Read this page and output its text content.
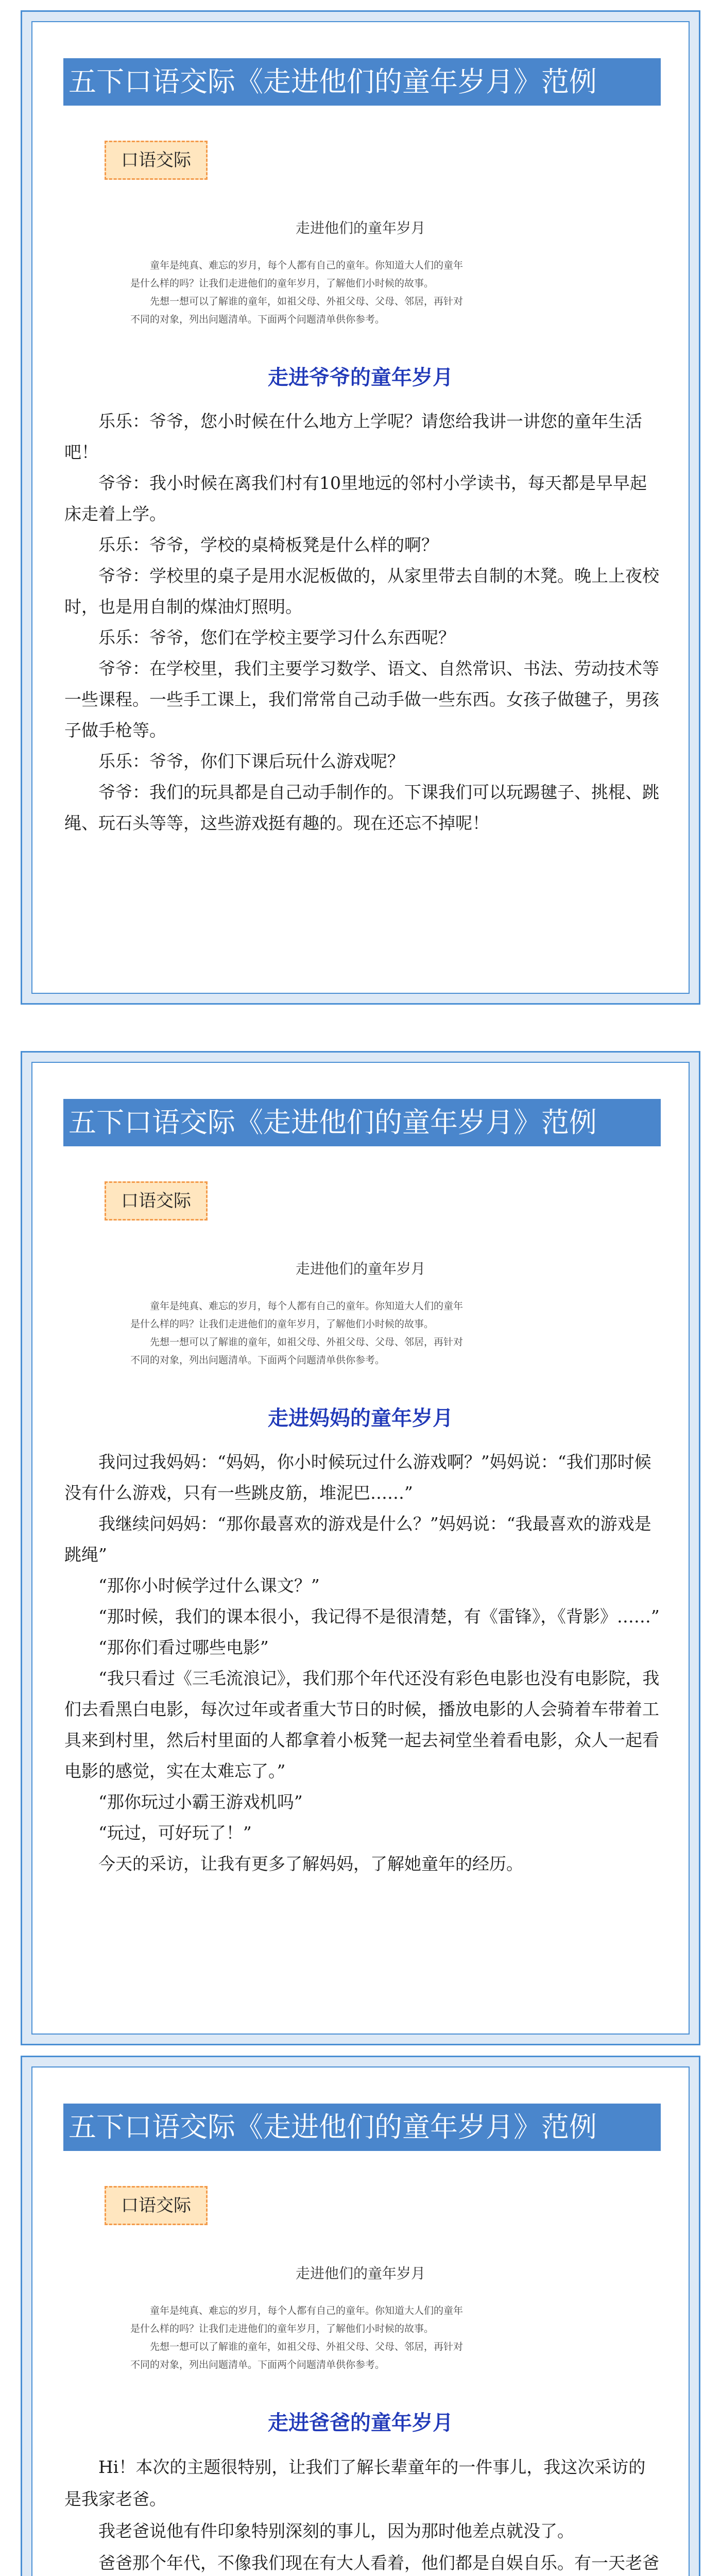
五下口语交际《走进他们的童年岁月》范例
口语交际
走进他们的童年岁月

童年是纯真、难忘的岁月，每个人都有自己的童年。你知道大人们的童年

是什么样的吗？让我们走进他们的童年岁月，了解他们小时候的故事。

先想一想可以了解谁的童年，如祖父母、外祖父母、父母、邻居，再针对

不同的对象，列出问题清单。下面两个问题清单供你参考。

走进爷爷的童年岁月

乐乐：爷爷，您小时候在什么地方上学呢？请您给我讲一讲您的童年生活吧！

爷爷：我小时候在离我们村有10里地远的邻村小学读书，每天都是早早起床走着上学。

乐乐：爷爷，学校的桌椅板凳是什么样的啊？

爷爷：学校里的桌子是用水泥板做的，从家里带去自制的木凳。晚上上夜校时，也是用自制的煤油灯照明。

乐乐：爷爷，您们在学校主要学习什么东西呢？

爷爷：在学校里，我们主要学习数学、语文、自然常识、书法、劳动技术等一些课程。一些手工课上，我们常常自己动手做一些东西。女孩子做毽子，男孩子做手枪等。

乐乐：爷爷，你们下课后玩什么游戏呢？

爷爷：我们的玩具都是自己动手制作的。下课我们可以玩踢毽子、挑棍、跳绳、玩石头等等，这些游戏挺有趣的。现在还忘不掉呢！

五下口语交际《走进他们的童年岁月》范例
口语交际
走进他们的童年岁月

童年是纯真、难忘的岁月，每个人都有自己的童年。你知道大人们的童年

是什么样的吗？让我们走进他们的童年岁月，了解他们小时候的故事。

先想一想可以了解谁的童年，如祖父母、外祖父母、父母、邻居，再针对

不同的对象，列出问题清单。下面两个问题清单供你参考。

走进妈妈的童年岁月

我问过我妈妈：“妈妈，你小时候玩过什么游戏啊？”妈妈说：“我们那时候没有什么游戏，只有一些跳皮筋，堆泥巴……”

我继续问妈妈：“那你最喜欢的游戏是什么？”妈妈说：“我最喜欢的游戏是跳绳”

“那你小时候学过什么课文？”

“那时候，我们的课本很小，我记得不是很清楚，有《雷锋》，《背影》……”

“那你们看过哪些电影”

“我只看过《三毛流浪记》，我们那个年代还没有彩色电影也没有电影院，我们去看黑白电影，每次过年或者重大节日的时候，播放电影的人会骑着车带着工具来到村里，然后村里面的人都拿着小板凳一起去祠堂坐着看电影，众人一起看电影的感觉，实在太难忘了。”

“那你玩过小霸王游戏机吗”

“玩过，可好玩了！”

今天的采访，让我有更多了解妈妈，了解她童年的经历。

五下口语交际《走进他们的童年岁月》范例
口语交际
走进他们的童年岁月

童年是纯真、难忘的岁月，每个人都有自己的童年。你知道大人们的童年

是什么样的吗？让我们走进他们的童年岁月，了解他们小时候的故事。

先想一想可以了解谁的童年，如祖父母、外祖父母、父母、邻居，再针对

不同的对象，列出问题清单。下面两个问题清单供你参考。

走进爸爸的童年岁月

Hi！本次的主题很特别，让我们了解长辈童年的一件事儿，我这次采访的是我家老爸。

我老爸说他有件印象特别深刻的事儿，因为那时他差点就没了。

爸爸那个年代，不像我们现在有大人看着，他们都是自娱自乐。有一天老爸
